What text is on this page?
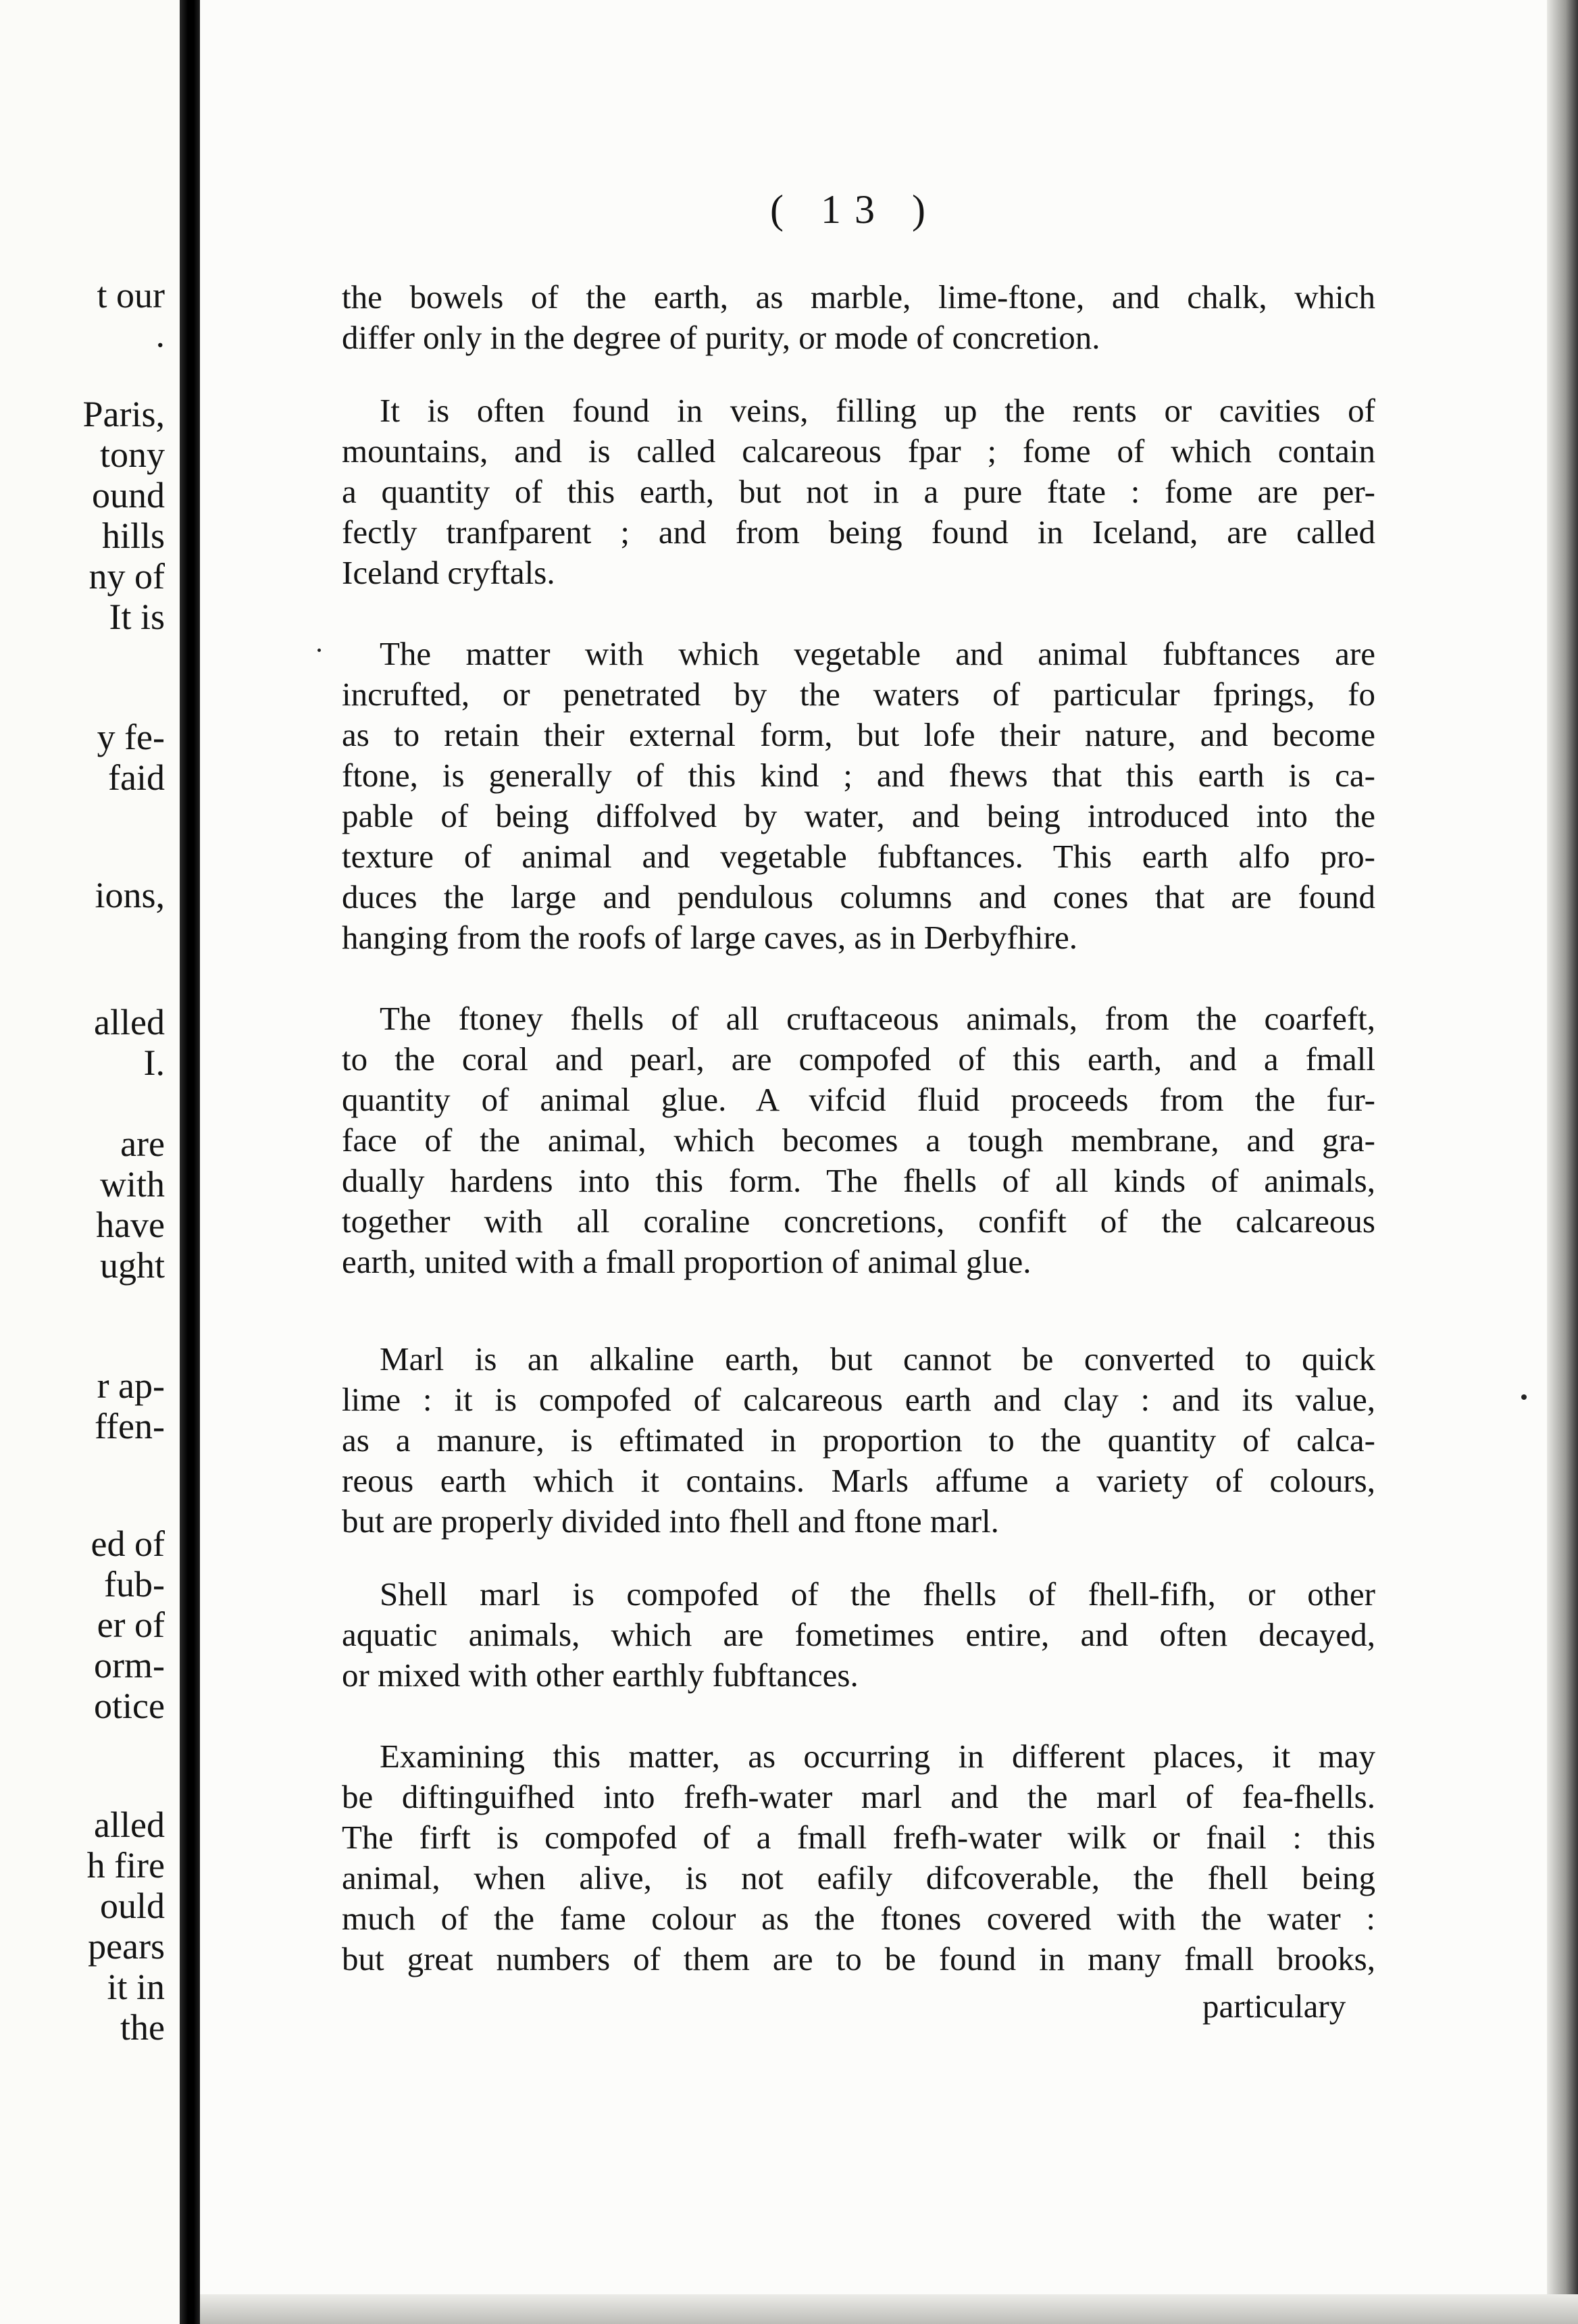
t our
.
Paris,
tony
ound
hills
ny of
It is
y fe-
faid
ions,
alled
I.
are
with
have
ught
r ap-
ffen-
ed of
fub-
er of
orm-
otice
alled
h fire
ould
pears
it in
the
( 13 )
the bowels of the earth, as marble, lime-ftone, and chalk, which
differ only in the degree of purity, or mode of concretion.
It is often found in veins, filling up the rents or cavities of
mountains, and is called calcareous fpar ; fome of which contain
a quantity of this earth, but not in a pure ftate : fome are per-
fectly tranfparent ; and from being found in Iceland, are called
Iceland cryftals.
The matter with which vegetable and animal fubftances are
incrufted, or penetrated by the waters of particular fprings, fo
as to retain their external form, but lofe their nature, and become
ftone, is generally of this kind ; and fhews that this earth is ca-
pable of being diffolved by water, and being introduced into the
texture of animal and vegetable fubftances. This earth alfo pro-
duces the large and pendulous columns and cones that are found
hanging from the roofs of large caves, as in Derbyfhire.
The ftoney fhells of all cruftaceous animals, from the coarfeft,
to the coral and pearl, are compofed of this earth, and a fmall
quantity of animal glue. A vifcid fluid proceeds from the fur-
face of the animal, which becomes a tough membrane, and gra-
dually hardens into this form. The fhells of all kinds of animals,
together with all coraline concretions, confift of the calcareous
earth, united with a fmall proportion of animal glue.
Marl is an alkaline earth, but cannot be converted to quick
lime : it is compofed of calcareous earth and clay : and its value,
as a manure, is eftimated in proportion to the quantity of calca-
reous earth which it contains. Marls affume a variety of colours,
but are properly divided into fhell and ftone marl.
Shell marl is compofed of the fhells of fhell-fifh, or other
aquatic animals, which are fometimes entire, and often decayed,
or mixed with other earthly fubftances.
Examining this matter, as occurring in different places, it may
be diftinguifhed into frefh-water marl and the marl of fea-fhells.
The firft is compofed of a fmall frefh-water wilk or fnail : this
animal, when alive, is not eafily difcoverable, the fhell being
much of the fame colour as the ftones covered with the water :
but great numbers of them are to be found in many fmall brooks,
particulary
